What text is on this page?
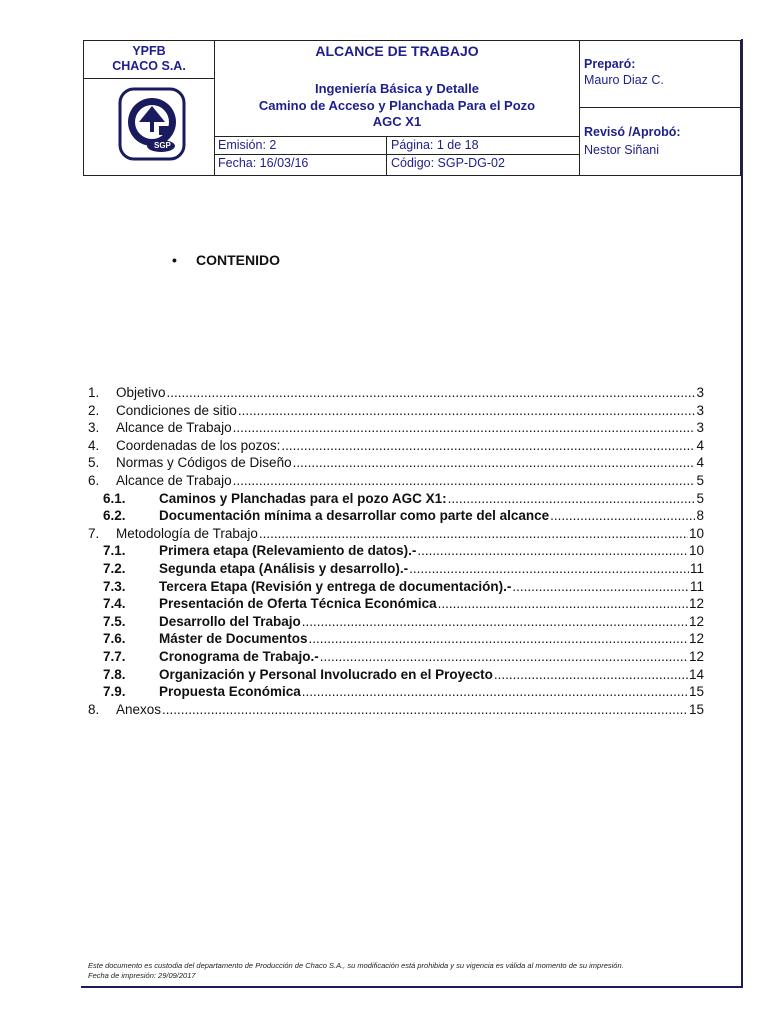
YPFB
CHACO S.A.
SGP
ALCANCE DE TRABAJO
Ingeniería Básica y Detalle
Camino de Acceso y Planchada Para el Pozo
AGC X1
Emisión: 2	Página: 1 de 18
Fecha: 16/03/16	Código: SGP-DG-02
Preparó:
Mauro Diaz C.
Revisó /Aprobó:
Nestor Siñani
• CONTENIDO
1.	Objetivo .....	3
2.	Condiciones de sitio .....	3
3.	Alcance de Trabajo .....	3
4.	Coordenadas de los pozos: .....	4
5.	Normas y Códigos de Diseño .....	4
6.	Alcance de Trabajo .....	5
6.1.	Caminos y Planchadas para el pozo AGC X1: .....	5
6.2.	Documentación mínima a desarrollar como parte del alcance .....	8
7.	Metodología de Trabajo .....	10
7.1.	Primera etapa (Relevamiento de datos).- .....	10
7.2.	Segunda etapa (Análisis y desarrollo).- .....	11
7.3.	Tercera Etapa (Revisión y entrega de documentación).- .....	11
7.4.	Presentación de Oferta Técnica Económica .....	12
7.5.	Desarrollo del Trabajo .....	12
7.6.	Máster de Documentos .....	12
7.7.	Cronograma de Trabajo.- .....	12
7.8.	Organización y Personal Involucrado en el Proyecto .....	14
7.9.	Propuesta Económica .....	15
8.	Anexos .....	15
Este documento es custodia del departamento de Producción de Chaco S.A., su modificación está prohibida y su vigencia es válida al momento de su impresión.
Fecha de impresión: 29/09/2017
